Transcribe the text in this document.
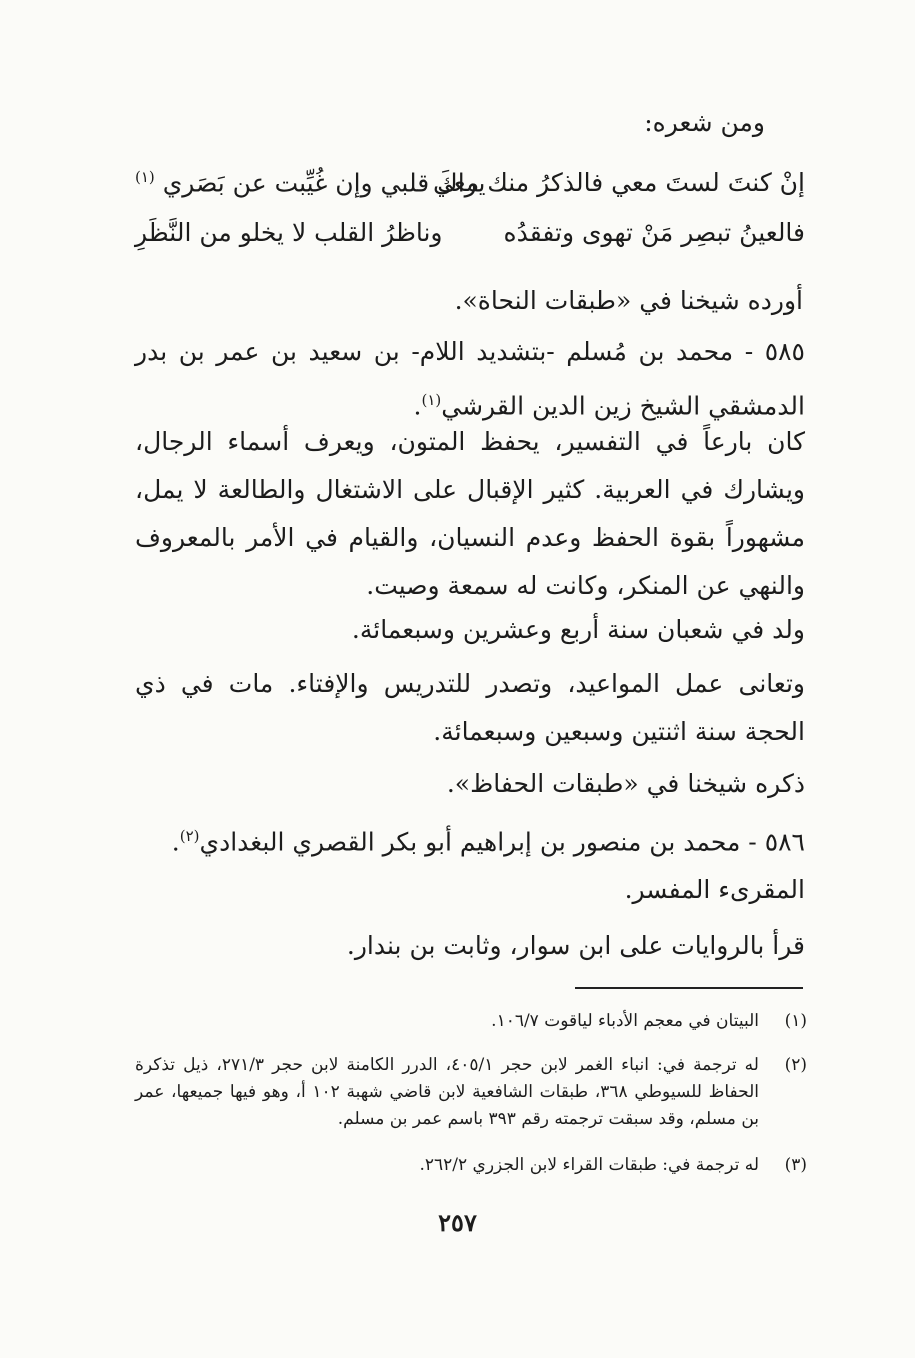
ومن شعره:
إنْ كنتَ لستَ معي فالذكرُ منك معي
يراكَ قلبي وإن غُيِّبت عن بَصَري $^{(١)}$
فالعينُ تبصِر مَنْ تهوى وتفقدُه
وناظرُ القلب لا يخلو من النَّظَرِ
أورده شيخنا في «طبقات النحاة».
٥٨٥ - محمد بن مُسلم -بتشديد اللام- بن سعيد بن عمر بن بدر الدمشقي الشيخ زين الدين القرشي$^{(١)}$.
كان بارعاً في التفسير، يحفظ المتون، ويعرف أسماء الرجال، ويشارك في العربية. كثير الإقبال على الاشتغال والطالعة لا يمل، مشهوراً بقوة الحفظ وعدم النسيان، والقيام في الأمر بالمعروف والنهي عن المنكر، وكانت له سمعة وصيت.
ولد في شعبان سنة أربع وعشرين وسبعمائة.
وتعانى عمل المواعيد، وتصدر للتدريس والإفتاء. مات في ذي الحجة سنة اثنتين وسبعين وسبعمائة.
ذكره شيخنا في «طبقات الحفاظ».
٥٨٦ - محمد بن منصور بن إبراهيم أبو بكر القصري البغدادي$^{(٢)}$.
المقرىء المفسر.
قرأ بالروايات على ابن سوار، وثابت بن بندار.
(١)
البيتان في معجم الأدباء لياقوت ١٠٦/٧.
(٢)
له ترجمة في: انباء الغمر لابن حجر ٤٠٥/١، الدرر الكامنة لابن حجر ٢٧١/٣، ذيل تذكرة الحفاظ للسيوطي ٣٦٨، طبقات الشافعية لابن قاضي شهبة ١٠٢ أ، وهو فيها جميعها، عمر بن مسلم، وقد سبقت ترجمته رقم ٣٩٣ باسم عمر بن مسلم.
(٣)
له ترجمة في: طبقات القراء لابن الجزري ٢٦٢/٢.
٢٥٧
